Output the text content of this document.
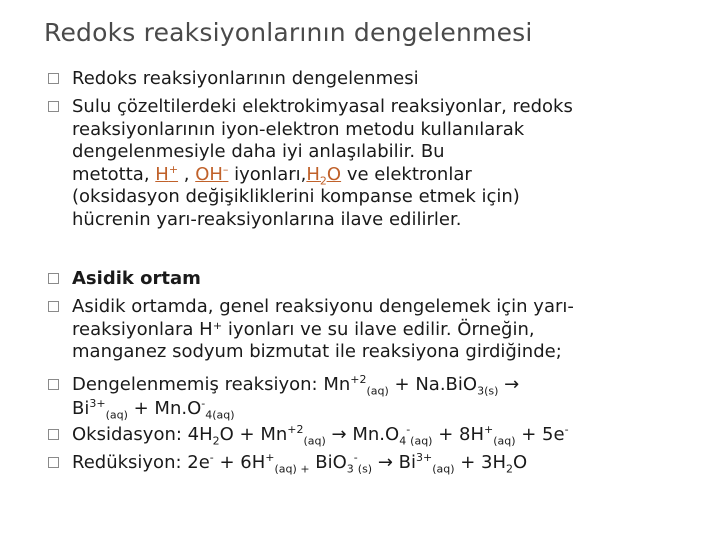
Redoks reaksiyonlarının dengelenmesi
Redoks reaksiyonlarının dengelenmesi
Sulu çözeltilerdeki elektrokimyasal reaksiyonlar, redoks
reaksiyonlarının iyon-elektron metodu kullanılarak
dengelenmesiyle daha iyi anlaşılabilir. Bu
metotta, H+ , OH– $iyonları,H_2O$ ve elektronlar
(oksidasyon değişikliklerini kompanse etmek için)
hücrenin yarı-reaksiyonlarına ilave edilirler.
Asidik ortam
Asidik ortamda, genel reaksiyonu dengelemek için yarı-
reaksiyonlara H⁺ iyonları ve su ilave edilir. Örneğin,
manganez sodyum bizmutat ile reaksiyona girdiğinde;
Dengelenmemiş reaksiyon: $Mn^{+2}_{(aq)} + Na.BiO_{3(s)}$ →
$Bi^{3+}_{(aq)} + Mn.O^-_{4(aq)}$
Oksidasyon: $4H_2O + Mn^{+2}_{(aq)} \to Mn.O_4^-_{(aq)} + 8H^+_{(aq)} + 5e^-$
Redüksiyon: $2e^- + 6H^+_{(aq) +}$ $BiO_3^-_{(s)} \to Bi^{3+}_{(aq)} + 3H_2O$
